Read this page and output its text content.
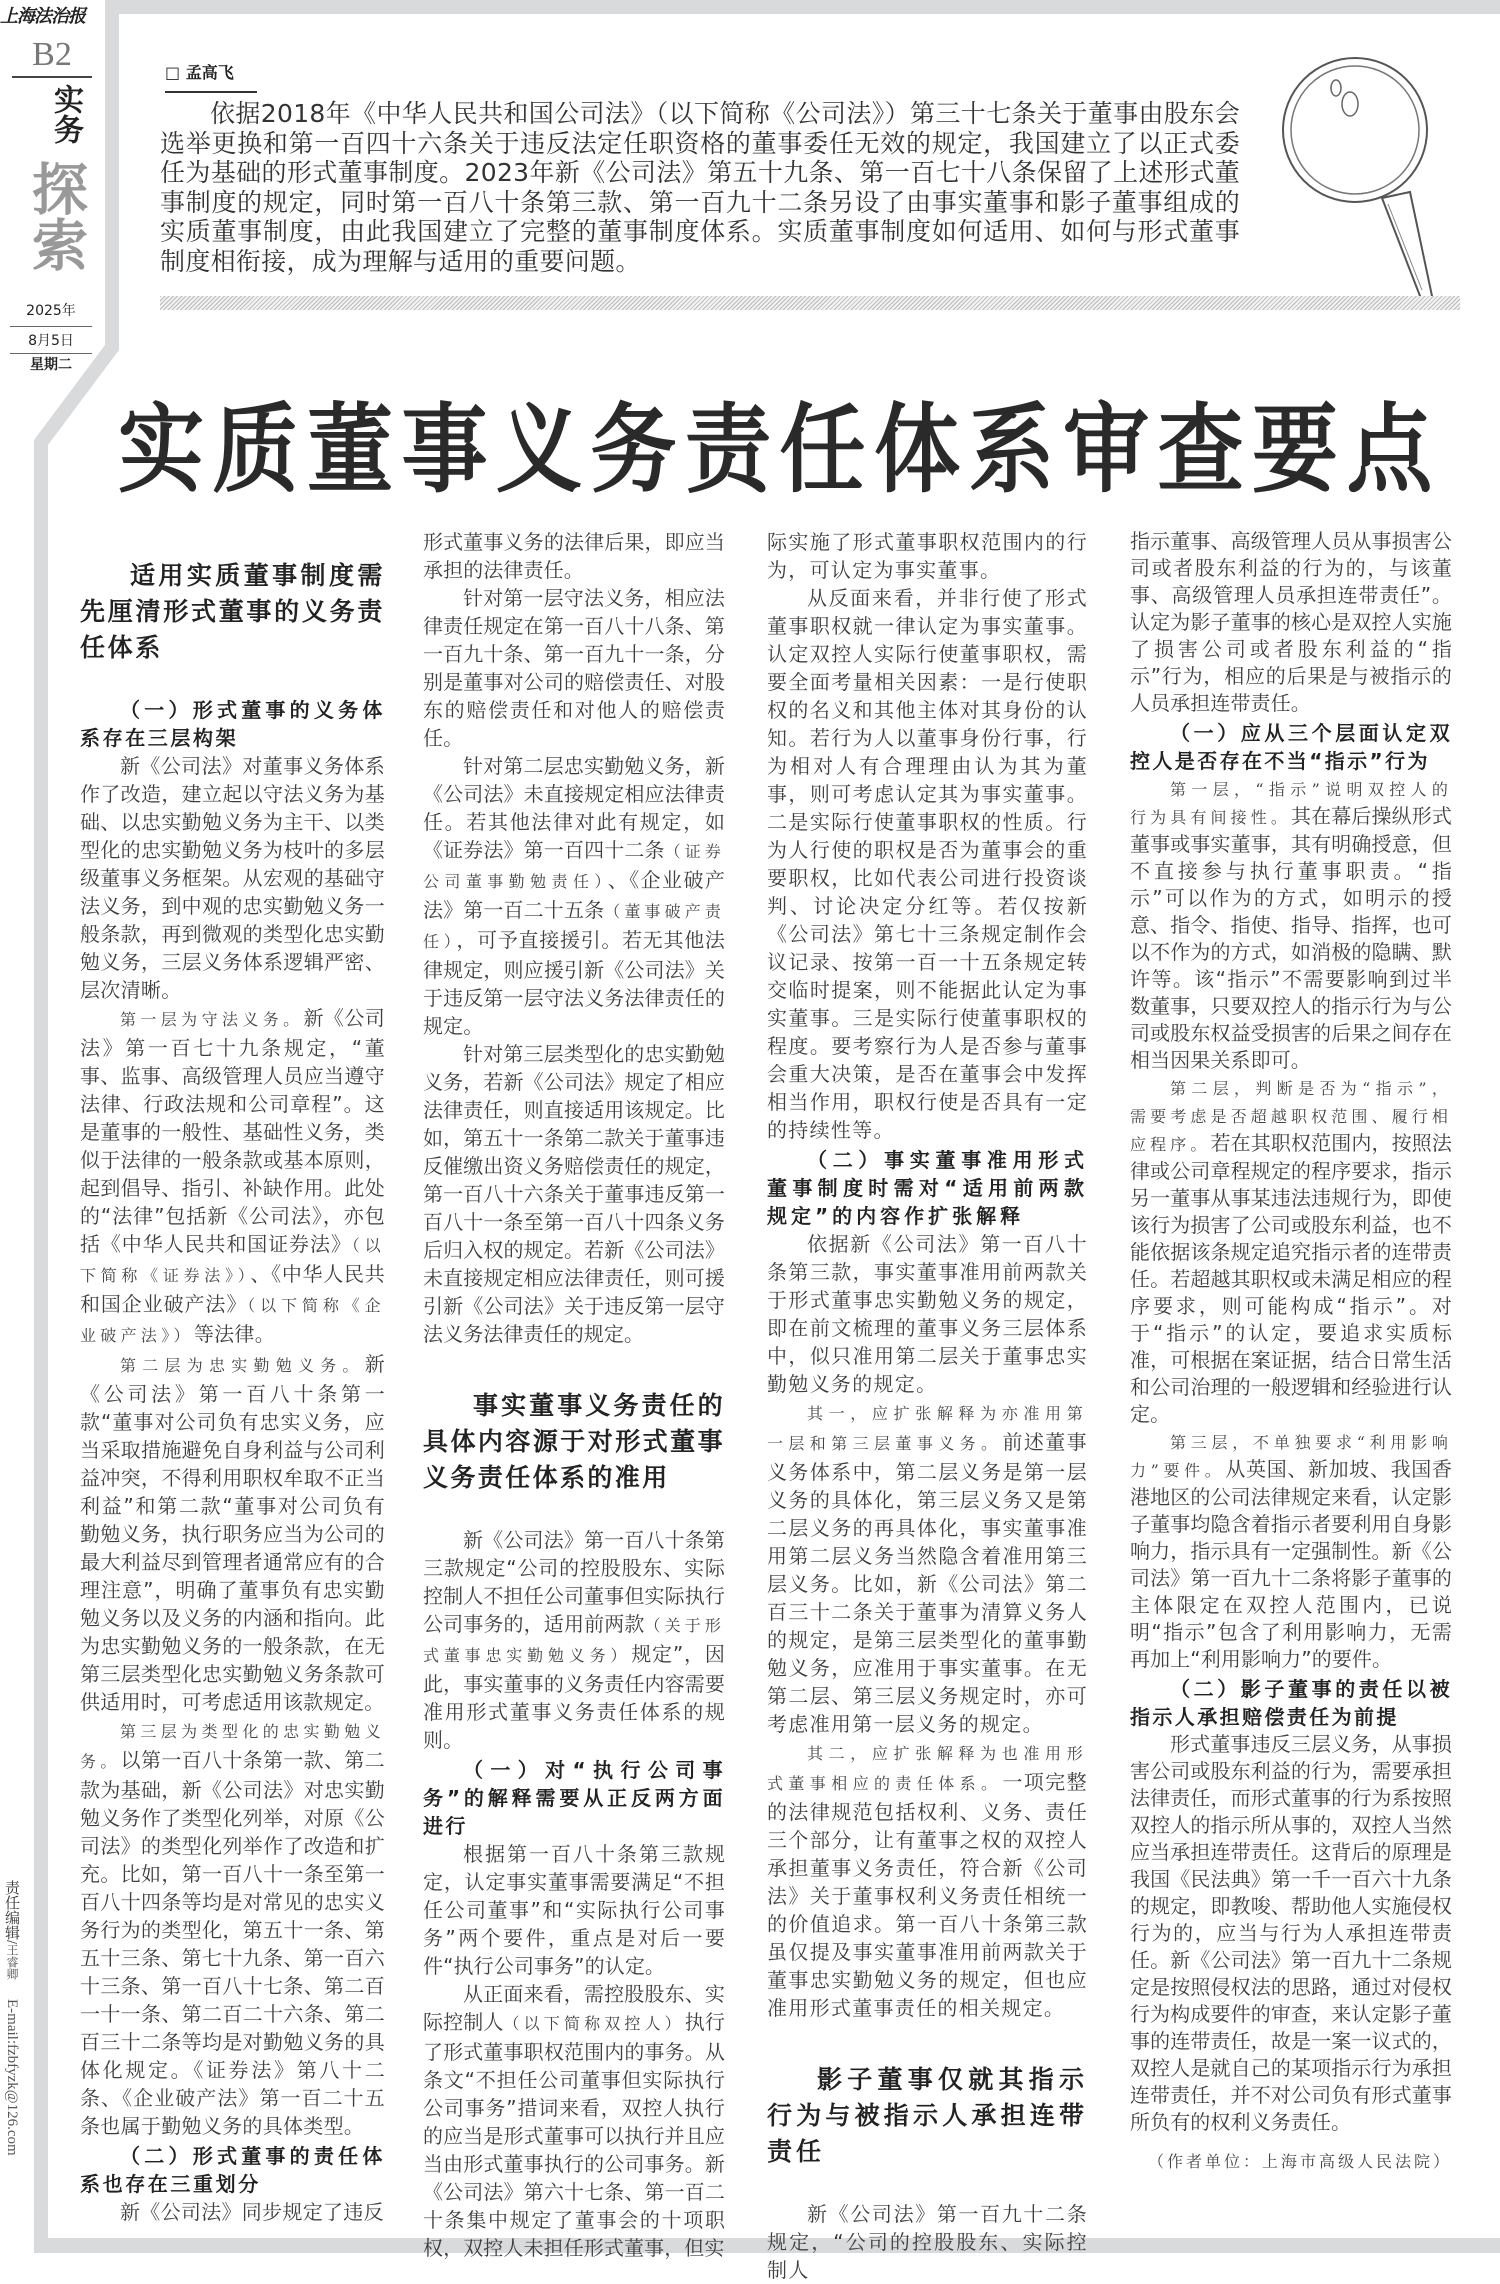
上海法治报
B2
实务
探索
2025年
8月5日
星期二
责任编辑/王睿卿 E-mail:fzbfyzk@126.com
□ 孟高飞
依据2018年《中华人民共和国公司法》（以下简称《公司法》）第三十七条关于董事由股东会选举更换和第一百四十六条关于违反法定任职资格的董事委任无效的规定，我国建立了以正式委任为基础的形式董事制度。2023年新《公司法》第五十九条、第一百七十八条保留了上述形式董事制度的规定，同时第一百八十条第三款、第一百九十二条另设了由事实董事和影子董事组成的实质董事制度，由此我国建立了完整的董事制度体系。实质董事制度如何适用、如何与形式董事制度相衔接，成为理解与适用的重要问题。
实质董事义务责任体系审查要点
适用实质董事制度需先厘清形式董事的义务责任体系
（一）形式董事的义务体系存在三层构架

新《公司法》对董事义务体系作了改造，建立起以守法义务为基础、以忠实勤勉义务为主干、以类型化的忠实勤勉义务为枝叶的多层级董事义务框架。从宏观的基础守法义务，到中观的忠实勤勉义务一般条款，再到微观的类型化忠实勤勉义务，三层义务体系逻辑严密、层次清晰。

第一层为守法义务。新《公司法》第一百七十九条规定，“董事、监事、高级管理人员应当遵守法律、行政法规和公司章程”。这是董事的一般性、基础性义务，类似于法律的一般条款或基本原则，起到倡导、指引、补缺作用。此处的“法律”包括新《公司法》，亦包括《中华人民共和国证券法》（以下简称《证券法》）、《中华人民共和国企业破产法》（以下简称《企业破产法》）等法律。

第二层为忠实勤勉义务。新《公司法》第一百八十条第一款“董事对公司负有忠实义务，应当采取措施避免自身利益与公司利益冲突，不得利用职权牟取不正当利益”和第二款“董事对公司负有勤勉义务，执行职务应当为公司的最大利益尽到管理者通常应有的合理注意”，明确了董事负有忠实勤勉义务以及义务的内涵和指向。此为忠实勤勉义务的一般条款，在无第三层类型化忠实勤勉义务条款可供适用时，可考虑适用该款规定。

第三层为类型化的忠实勤勉义务。以第一百八十条第一款、第二款为基础，新《公司法》对忠实勤勉义务作了类型化列举，对原《公司法》的类型化列举作了改造和扩充。比如，第一百八十一条至第一百八十四条等均是对常见的忠实义务行为的类型化，第五十一条、第五十三条、第七十九条、第一百六十三条、第一百八十七条、第二百一十一条、第二百二十六条、第二百三十二条等均是对勤勉义务的具体化规定。《证券法》第八十二条、《企业破产法》第一百二十五条也属于勤勉义务的具体类型。

（二）形式董事的责任体系也存在三重划分

新《公司法》同步规定了违反

形式董事义务的法律后果，即应当承担的法律责任。

针对第一层守法义务，相应法律责任规定在第一百八十八条、第一百九十条、第一百九十一条，分别是董事对公司的赔偿责任、对股东的赔偿责任和对他人的赔偿责任。

针对第二层忠实勤勉义务，新《公司法》未直接规定相应法律责任。若其他法律对此有规定，如《证券法》第一百四十二条（证券公司董事勤勉责任）、《企业破产法》第一百二十五条（董事破产责任），可予直接援引。若无其他法律规定，则应援引新《公司法》关于违反第一层守法义务法律责任的规定。

针对第三层类型化的忠实勤勉义务，若新《公司法》规定了相应法律责任，则直接适用该规定。比如，第五十一条第二款关于董事违反催缴出资义务赔偿责任的规定，第一百八十六条关于董事违反第一百八十一条至第一百八十四条义务后归入权的规定。若新《公司法》未直接规定相应法律责任，则可援引新《公司法》关于违反第一层守法义务法律责任的规定。

事实董事义务责任的具体内容源于对形式董事义务责任体系的准用

新《公司法》第一百八十条第三款规定“公司的控股股东、实际控制人不担任公司董事但实际执行公司事务的，适用前两款（关于形式董事忠实勤勉义务）规定”，因此，事实董事的义务责任内容需要准用形式董事义务责任体系的规则。

（一）对“执行公司事务”的解释需要从正反两方面进行

根据第一百八十条第三款规定，认定事实董事需要满足“不担任公司董事”和“实际执行公司事务”两个要件，重点是对后一要件“执行公司事务”的认定。

从正面来看，需控股股东、实际控制人（以下简称双控人）执行了形式董事职权范围内的事务。从条文“不担任公司董事但实际执行公司事务”措词来看，双控人执行的应当是形式董事可以执行并且应当由形式董事执行的公司事务。新《公司法》第六十七条、第一百二十条集中规定了董事会的十项职权，双控人未担任形式董事，但实

际实施了形式董事职权范围内的行为，可认定为事实董事。

从反面来看，并非行使了形式董事职权就一律认定为事实董事。认定双控人实际行使董事职权，需要全面考量相关因素：一是行使职权的名义和其他主体对其身份的认知。若行为人以董事身份行事，行为相对人有合理理由认为其为董事，则可考虑认定其为事实董事。二是实际行使董事职权的性质。行为人行使的职权是否为董事会的重要职权，比如代表公司进行投资谈判、讨论决定分红等。若仅按新《公司法》第七十三条规定制作会议记录、按第一百一十五条规定转交临时提案，则不能据此认定为事实董事。三是实际行使董事职权的程度。要考察行为人是否参与董事会重大决策，是否在董事会中发挥相当作用，职权行使是否具有一定的持续性等。

（二）事实董事准用形式董事制度时需对“适用前两款规定”的内容作扩张解释

依据新《公司法》第一百八十条第三款，事实董事准用前两款关于形式董事忠实勤勉义务的规定，即在前文梳理的董事义务三层体系中，似只准用第二层关于董事忠实勤勉义务的规定。

其一，应扩张解释为亦准用第一层和第三层董事义务。前述董事义务体系中，第二层义务是第一层义务的具体化，第三层义务又是第二层义务的再具体化，事实董事准用第二层义务当然隐含着准用第三层义务。比如，新《公司法》第二百三十二条关于董事为清算义务人的规定，是第三层类型化的董事勤勉义务，应准用于事实董事。在无第二层、第三层义务规定时，亦可考虑准用第一层义务的规定。

其二，应扩张解释为也准用形式董事相应的责任体系。一项完整的法律规范包括权利、义务、责任三个部分，让有董事之权的双控人承担董事义务责任，符合新《公司法》关于董事权利义务责任相统一的价值追求。第一百八十条第三款虽仅提及事实董事准用前两款关于董事忠实勤勉义务的规定，但也应准用形式董事责任的相关规定。

影子董事仅就其指示行为与被指示人承担连带责任

新《公司法》第一百九十二条规定，“公司的控股股东、实际控制人

指示董事、高级管理人员从事损害公司或者股东利益的行为的，与该董事、高级管理人员承担连带责任”。认定为影子董事的核心是双控人实施了损害公司或者股东利益的“指示”行为，相应的后果是与被指示的人员承担连带责任。

（一）应从三个层面认定双控人是否存在不当“指示”行为

第一层，“指示”说明双控人的行为具有间接性。其在幕后操纵形式董事或事实董事，其有明确授意，但不直接参与执行董事职责。“指示”可以作为的方式，如明示的授意、指令、指使、指导、指挥，也可以不作为的方式，如消极的隐瞒、默许等。该“指示”不需要影响到过半数董事，只要双控人的指示行为与公司或股东权益受损害的后果之间存在相当因果关系即可。

第二层，判断是否为“指示”，需要考虑是否超越职权范围、履行相应程序。若在其职权范围内，按照法律或公司章程规定的程序要求，指示另一董事从事某违法违规行为，即使该行为损害了公司或股东利益，也不能依据该条规定追究指示者的连带责任。若超越其职权或未满足相应的程序要求，则可能构成“指示”。对于“指示”的认定，要追求实质标准，可根据在案证据，结合日常生活和公司治理的一般逻辑和经验进行认定。

第三层，不单独要求“利用影响力”要件。从英国、新加坡、我国香港地区的公司法律规定来看，认定影子董事均隐含着指示者要利用自身影响力，指示具有一定强制性。新《公司法》第一百九十二条将影子董事的主体限定在双控人范围内，已说明“指示”包含了利用影响力，无需再加上“利用影响力”的要件。

（二）影子董事的责任以被指示人承担赔偿责任为前提

形式董事违反三层义务，从事损害公司或股东利益的行为，需要承担法律责任，而形式董事的行为系按照双控人的指示所从事的，双控人当然应当承担连带责任。这背后的原理是我国《民法典》第一千一百六十九条的规定，即教唆、帮助他人实施侵权行为的，应当与行为人承担连带责任。新《公司法》第一百九十二条规定是按照侵权法的思路，通过对侵权行为构成要件的审查，来认定影子董事的连带责任，故是一案一议式的，双控人是就自己的某项指示行为承担连带责任，并不对公司负有形式董事所负有的权利义务责任。

（作者单位：上海市高级人民法院）
